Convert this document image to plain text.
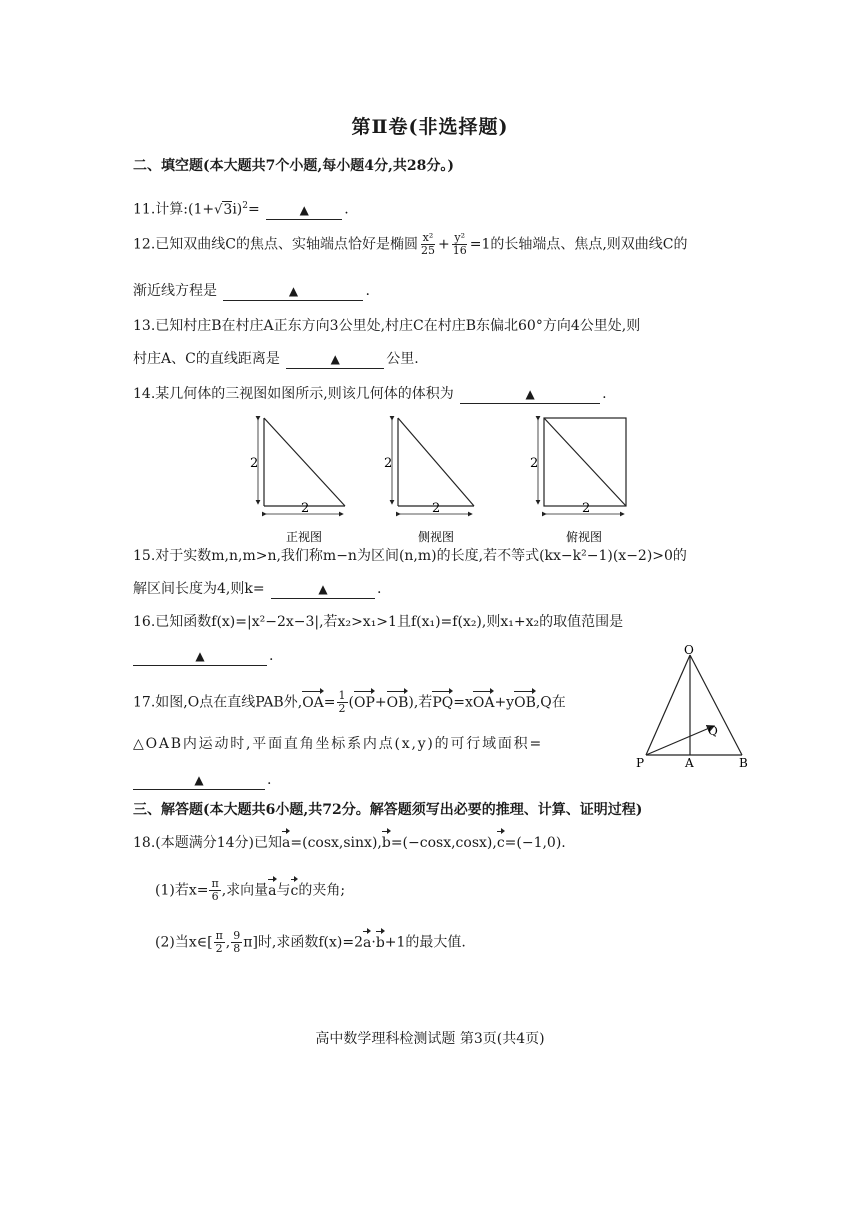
第Ⅱ卷(非选择题)
二、填空题(本大题共7个小题,每小题4分,共28分。)
11.计算$:(1+√3i)^2=$	▲	.
12.已知双曲线C的焦点、实轴端点恰好是椭圆 $\frac{\text{x²}}{25} + \frac{\text{y²}}{16} =1$的长轴端点、焦点,则双曲线C的
渐近线方程是	▲	.
13.已知村庄B在村庄A正东方向3公里处,村庄C在村庄B东偏北60°方向4公里处,则
村庄A、C的直线距离是	▲	公里.
14.某几何体的三视图如图所示,则该几何体的体积为	▲	.
2
2
正视图
2
2
侧视图
2
2
俯视图
15.对于实数m,n,m>n,我们称m−n为区间(n,m)的长度,若不等式(kx−k²−1)(x−2)>0的
解区间长度为4,则k=	▲	.
16.已知函数f(x)=|x²−2x−3|,若x₂>x₁>1且f(x₁)=f(x₂),则x₁+x₂的取值范围是
▲	.
17.如图,O点在直线PAB外$,OA= \frac{1}{2} (OP+OB)$,若PQ=xOA+yOB,Q在
△OAB内运动时,平面直角坐标系内点(x,y)的可行域面积=
▲	.
O
P	A	B
Q
三、解答题(本大题共6小题,共72分。解答题须写出必要的推理、计算、证明过程)
18.(本题满分14分)已知a=(cosx,sinx),b=(−cosx,cosx),c=(−1,0).
(1)若$x= \frac{\pi}{6}$ ,求向量a与c的夹角;
(2)当x∈[ $\frac{\pi}{2}$ , $\frac{9}{8} \pi$]时,求函数f(x)=2a·b+1的最大值.
高中数学理科检测试题 第3页(共4页)
